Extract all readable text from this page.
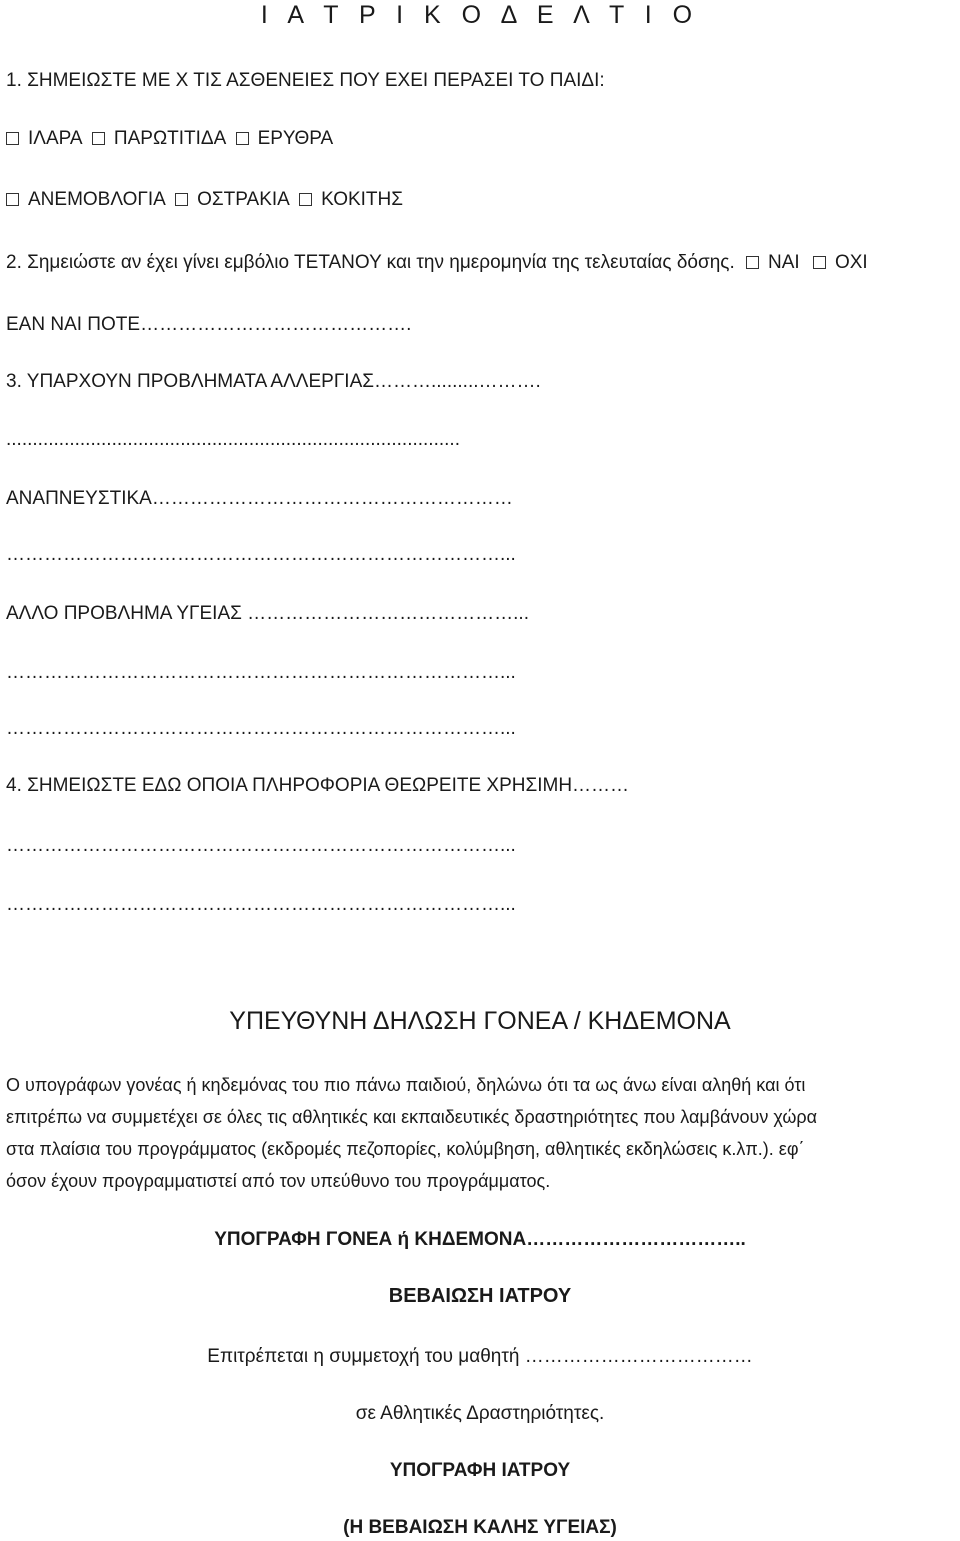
Ι Α Τ Ρ Ι Κ Ο Δ Ε Λ Τ Ι Ο
1. ΣΗΜΕΙΩΣΤΕ ΜΕ Χ ΤΙΣ ΑΣΘΕΝΕΙΕΣ ΠΟΥ ΕΧΕΙ ΠΕΡΑΣΕΙ ΤΟ ΠΑΙΔΙ:
ΙΛΑΡΑ ΠΑΡΩΤΙΤΙΔΑ ΕΡΥΘΡΑ
ΑΝΕΜΟΒΛΟΓΙΑ ΟΣΤΡΑΚΙΑ ΚΟΚΙΤΗΣ
2. Σημειώστε αν έχει γίνει εμβόλιο ΤΕΤΑΝΟΥ και την ημερομηνία της τελευταίας δόσης. ΝΑΙ ΟΧΙ
ΕΑΝ ΝΑΙ ΠΟΤΕ…………………………………….
3. ΥΠΑΡΧΟΥΝ ΠΡΟΒΛΗΜΑΤΑ ΑΛΛΕΡΓΙΑΣ……….........……….
......................................................................................
ΑΝΑΠΝΕΥΣΤΙΚΑ…………………………………………………
……………………………………………………………………...
ΑΛΛΟ ΠΡΟΒΛΗΜΑ ΥΓΕΙΑΣ ……………………………………...
……………………………………………………………………...
……………………………………………………………………...
4. ΣΗΜΕΙΩΣΤΕ ΕΔΩ ΟΠΟΙΑ ΠΛΗΡΟΦΟΡΙΑ ΘΕΩΡΕΙΤΕ ΧΡΗΣΙΜΗ………
……………………………………………………………………...
……………………………………………………………………...
ΥΠΕΥΘΥΝΗ ΔΗΛΩΣΗ ΓΟΝΕΑ / ΚΗΔΕΜΟΝΑ
Ο υπογράφων γονέας ή κηδεμόνας του πιο πάνω παιδιού, δηλώνω ότι τα ως άνω είναι αληθή και ότι
επιτρέπω να συμμετέχει σε όλες τις αθλητικές και εκπαιδευτικές δραστηριότητες που λαμβάνουν χώρα
στα πλαίσια του προγράμματος (εκδρομές πεζοπορίες, κολύμβηση, αθλητικές εκδηλώσεις κ.λπ.). εφ΄
όσον έχουν προγραμματιστεί από τον υπεύθυνο του προγράμματος.
ΥΠΟΓΡΑΦΗ ΓΟΝΕΑ ή ΚΗΔΕΜΟΝΑ……………………………..
ΒΕΒΑΙΩΣΗ ΙΑΤΡΟΥ
Επιτρέπεται η συμμετοχή του μαθητή ………………………………
σε Αθλητικές Δραστηριότητες.
ΥΠΟΓΡΑΦΗ ΙΑΤΡΟΥ
(Η ΒΕΒΑΙΩΣΗ ΚΑΛΗΣ ΥΓΕΙΑΣ)
